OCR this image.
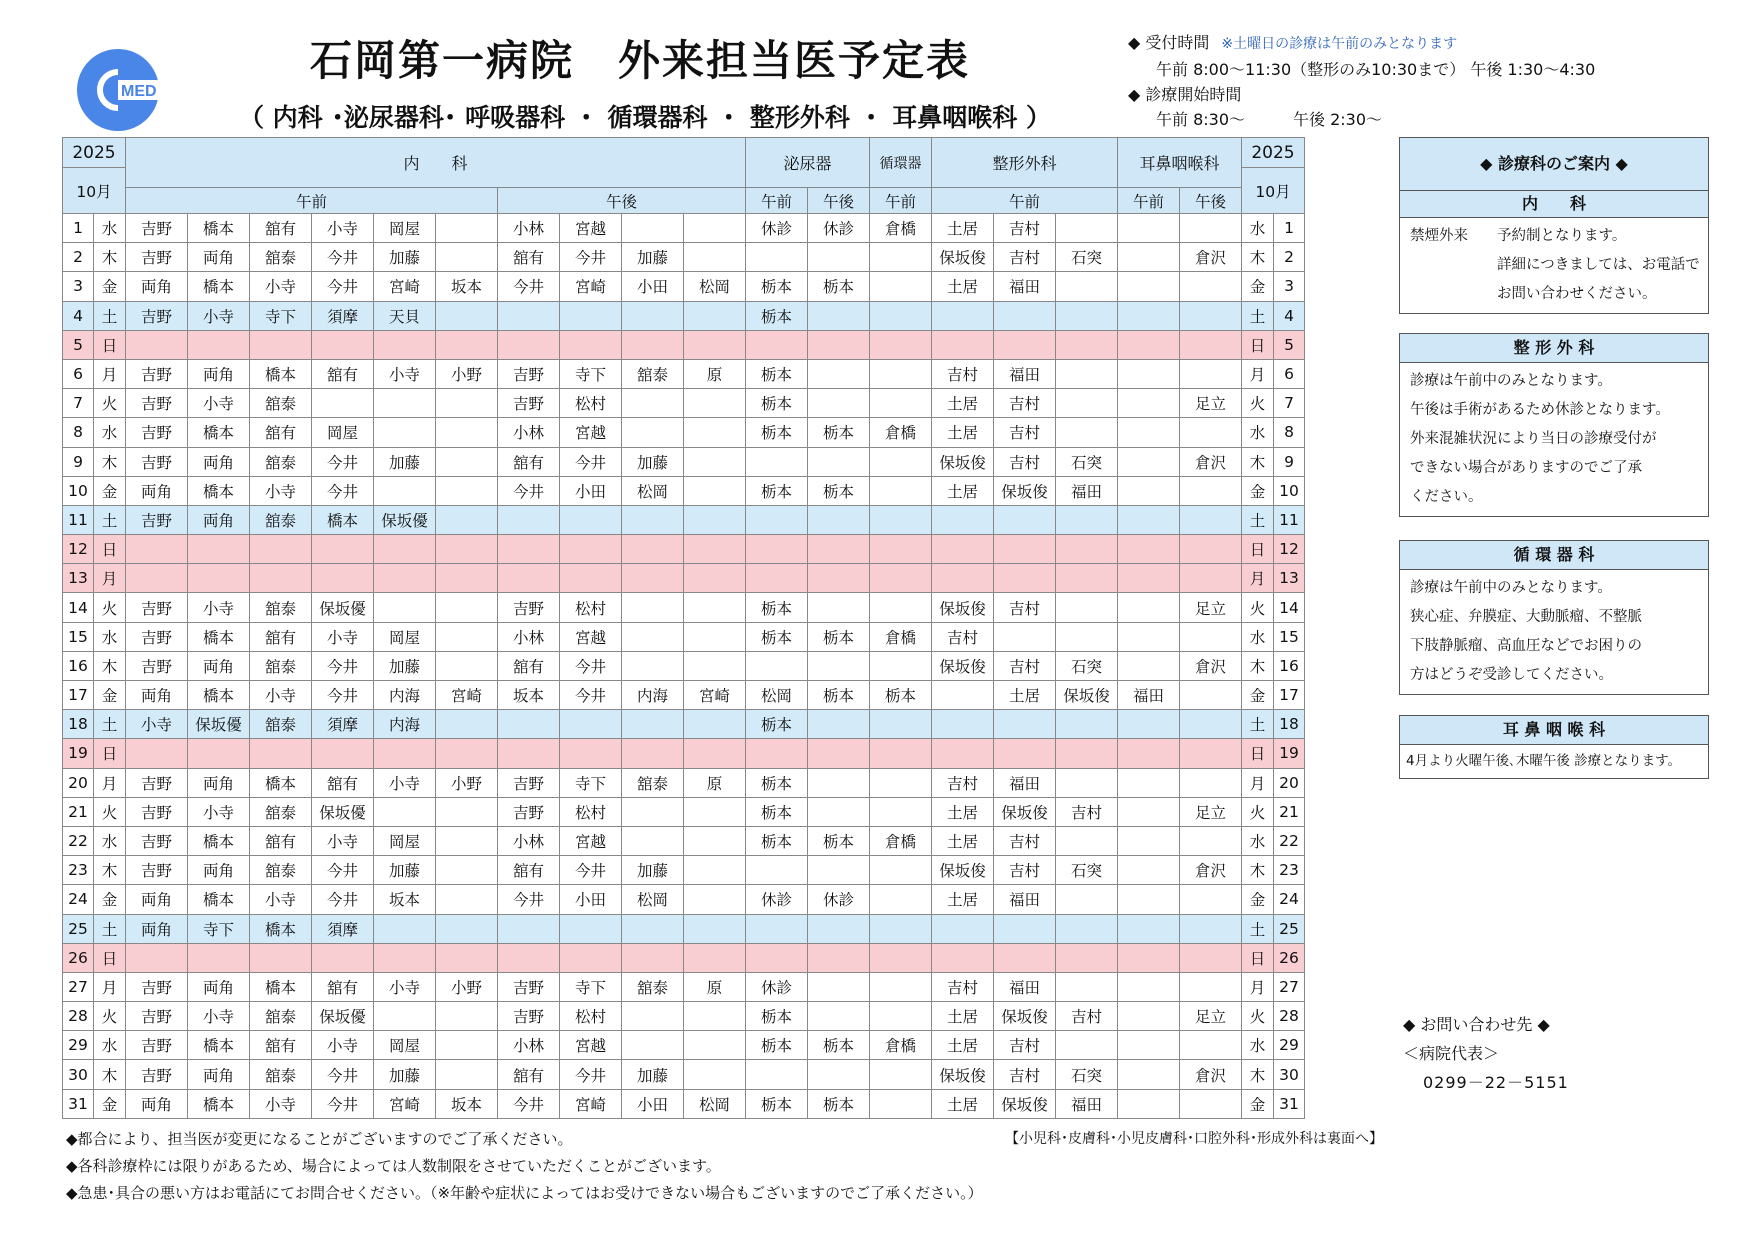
MED
石岡第一病院　外来担当医予定表
（ 内科 ･泌尿器科･ 呼吸器科 ・ 循環器科 ・ 整形外科 ・ 耳鼻咽喉科 ）
◆ 受付時間 ※土曜日の診療は午前のみとなります
午前 8:00～11:30（整形のみ10:30まで） 午後 1:30～4:30
◆ 診療開始時間
午前 8:30～　　　午後 2:30～
2025		内　　科										泌尿器		循環器	整形外科			耳鼻咽喉科		2025	
10月																				10月	
		午前						午後				午前	午後	午前	午前			午前	午後		
1	水	吉野	橋本	舘有	小寺	岡屋		小林	宮越			休診	休診	倉橋	土居	吉村				水	1
2	木	吉野	両角	舘泰	今井	加藤		舘有	今井	加藤					保坂俊	吉村	石突		倉沢	木	2
3	金	両角	橋本	小寺	今井	宮崎	坂本	今井	宮崎	小田	松岡	栃本	栃本		土居	福田				金	3
4	土	吉野	小寺	寺下	須摩	天貝						栃本								土	4
5	日																			日	5
6	月	吉野	両角	橋本	舘有	小寺	小野	吉野	寺下	舘泰	原	栃本			吉村	福田				月	6
7	火	吉野	小寺	舘泰				吉野	松村			栃本			土居	吉村			足立	火	7
8	水	吉野	橋本	舘有	岡屋			小林	宮越			栃本	栃本	倉橋	土居	吉村				水	8
9	木	吉野	両角	舘泰	今井	加藤		舘有	今井	加藤					保坂俊	吉村	石突		倉沢	木	9
10	金	両角	橋本	小寺	今井			今井	小田	松岡		栃本	栃本		土居	保坂俊	福田			金	10
11	土	吉野	両角	舘泰	橋本	保坂優														土	11
12	日																			日	12
13	月																			月	13
14	火	吉野	小寺	舘泰	保坂優			吉野	松村			栃本			保坂俊	吉村			足立	火	14
15	水	吉野	橋本	舘有	小寺	岡屋		小林	宮越			栃本	栃本	倉橋	吉村					水	15
16	木	吉野	両角	舘泰	今井	加藤		舘有	今井						保坂俊	吉村	石突		倉沢	木	16
17	金	両角	橋本	小寺	今井	内海	宮崎	坂本	今井	内海	宮崎	松岡	栃本	栃本		土居	保坂俊	福田		金	17
18	土	小寺	保坂優	舘泰	須摩	内海						栃本								土	18
19	日																			日	19
20	月	吉野	両角	橋本	舘有	小寺	小野	吉野	寺下	舘泰	原	栃本			吉村	福田				月	20
21	火	吉野	小寺	舘泰	保坂優			吉野	松村			栃本			土居	保坂俊	吉村		足立	火	21
22	水	吉野	橋本	舘有	小寺	岡屋		小林	宮越			栃本	栃本	倉橋	土居	吉村				水	22
23	木	吉野	両角	舘泰	今井	加藤		舘有	今井	加藤					保坂俊	吉村	石突		倉沢	木	23
24	金	両角	橋本	小寺	今井	坂本		今井	小田	松岡		休診	休診		土居	福田				金	24
25	土	両角	寺下	橋本	須摩															土	25
26	日																			日	26
27	月	吉野	両角	橋本	舘有	小寺	小野	吉野	寺下	舘泰	原	休診			吉村	福田				月	27
28	火	吉野	小寺	舘泰	保坂優			吉野	松村			栃本			土居	保坂俊	吉村		足立	火	28
29	水	吉野	橋本	舘有	小寺	岡屋		小林	宮越			栃本	栃本	倉橋	土居	吉村				水	29
30	木	吉野	両角	舘泰	今井	加藤		舘有	今井	加藤					保坂俊	吉村	石突		倉沢	木	30
31	金	両角	橋本	小寺	今井	宮崎	坂本	今井	宮崎	小田	松岡	栃本	栃本		土居	保坂俊	福田			金	31
◆ 診療科のご案内 ◆
内　　科
禁煙外来　　予約制となります。
　　　　　　詳細につきましては、お電話で
　　　　　　お問い合わせください。
整 形 外 科
診療は午前中のみとなります。
午後は手術があるため休診となります。
外来混雑状況により当日の診療受付が
できない場合がありますのでご了承
ください。
循 環 器 科
診療は午前中のみとなります。
狭心症、弁膜症、大動脈瘤、不整脈
下肢静脈瘤、高血圧などでお困りの
方はどうぞ受診してください。
耳 鼻 咽 喉 科
4月より火曜午後､木曜午後 診療となります。
◆ お問い合わせ先 ◆
＜病院代表＞
0299－22－5151
◆都合により、担当医が変更になることがございますのでご了承ください。	【小児科･皮膚科･小児皮膚科･口腔外科･形成外科は裏面へ】
◆各科診療枠には限りがあるため、場合によっては人数制限をさせていただくことがございます。
◆急患･具合の悪い方はお電話にてお問合せください。（※年齢や症状によってはお受けできない場合もございますのでご了承ください。）
